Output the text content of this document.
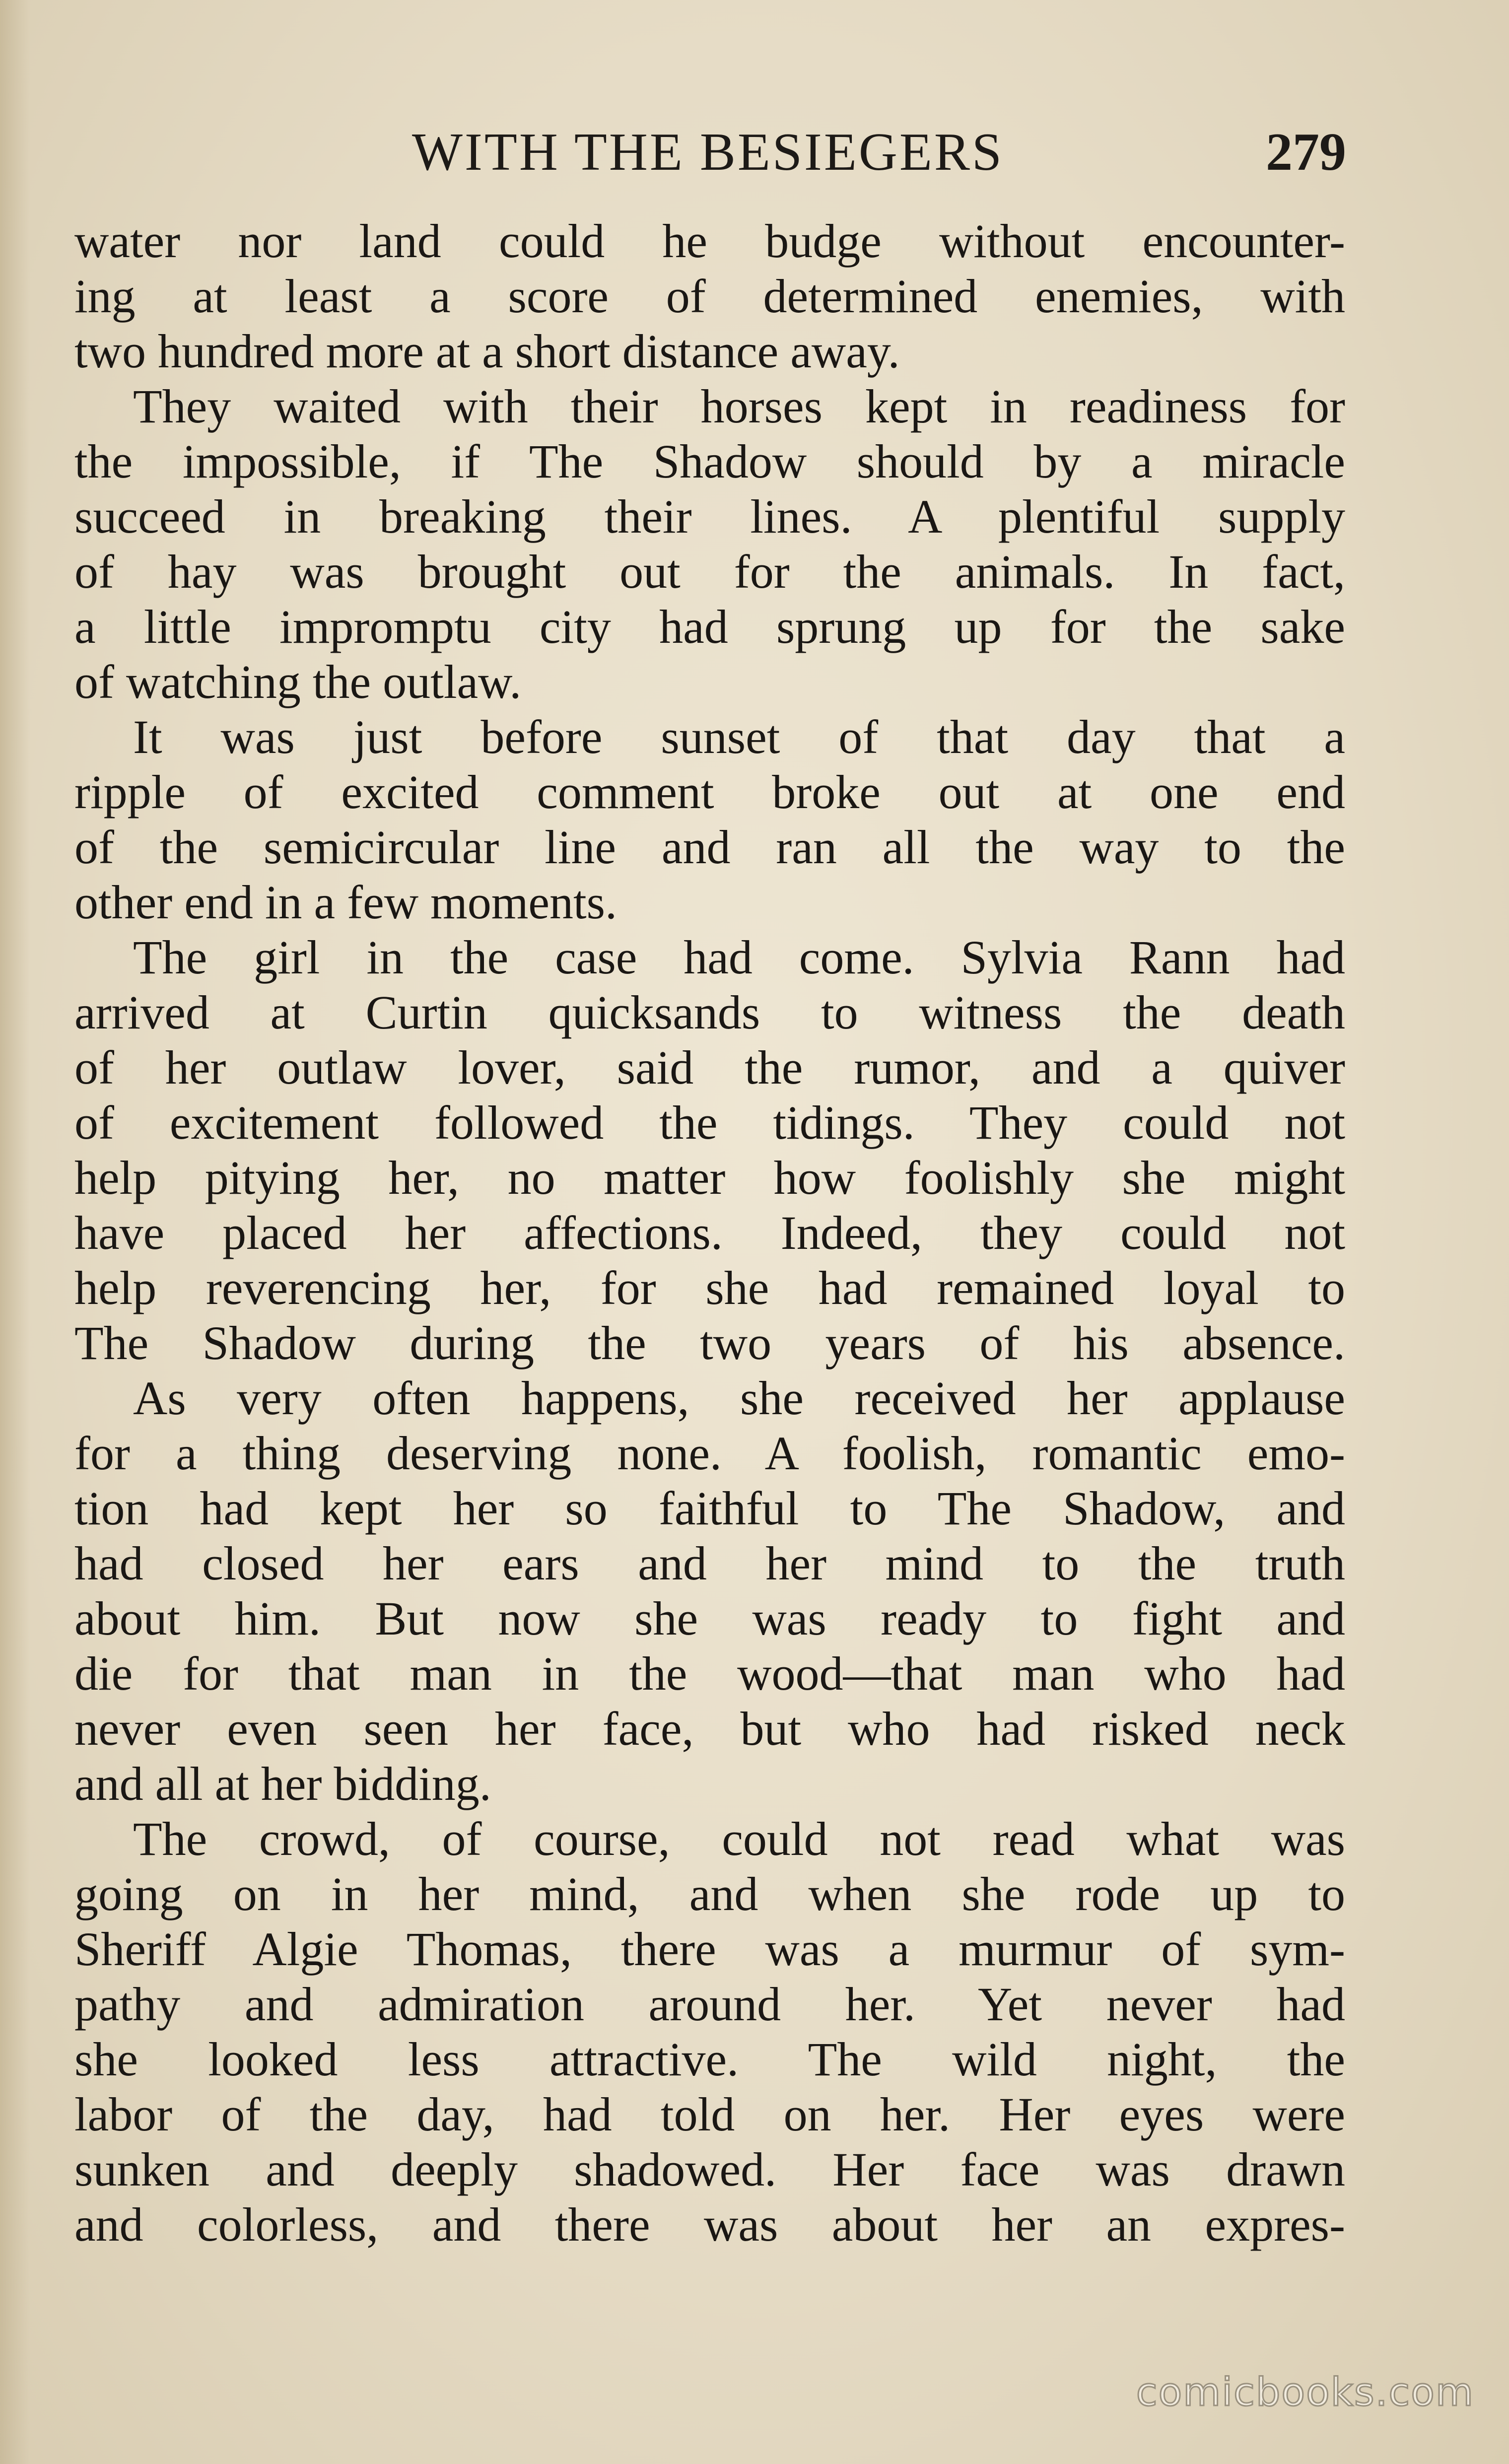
WITH THE BESIEGERS	279
water nor land could he budge without encounter-
ing at least a score of determined enemies, with
two hundred more at a short distance away.
They waited with their horses kept in readiness for
the impossible, if The Shadow should by a miracle
succeed in breaking their lines. A plentiful supply
of hay was brought out for the animals. In fact,
a little impromptu city had sprung up for the sake
of watching the outlaw.
It was just before sunset of that day that a
ripple of excited comment broke out at one end
of the semicircular line and ran all the way to the
other end in a few moments.
The girl in the case had come. Sylvia Rann had
arrived at Curtin quicksands to witness the death
of her outlaw lover, said the rumor, and a quiver
of excitement followed the tidings. They could not
help pitying her, no matter how foolishly she might
have placed her affections. Indeed, they could not
help reverencing her, for she had remained loyal to
The Shadow during the two years of his absence.
As very often happens, she received her applause
for a thing deserving none. A foolish, romantic emo-
tion had kept her so faithful to The Shadow, and
had closed her ears and her mind to the truth
about him. But now she was ready to fight and
die for that man in the wood—that man who had
never even seen her face, but who had risked neck
and all at her bidding.
The crowd, of course, could not read what was
going on in her mind, and when she rode up to
Sheriff Algie Thomas, there was a murmur of sym-
pathy and admiration around her. Yet never had
she looked less attractive. The wild night, the
labor of the day, had told on her. Her eyes were
sunken and deeply shadowed. Her face was drawn
and colorless, and there was about her an expres-
comicbooks.com
